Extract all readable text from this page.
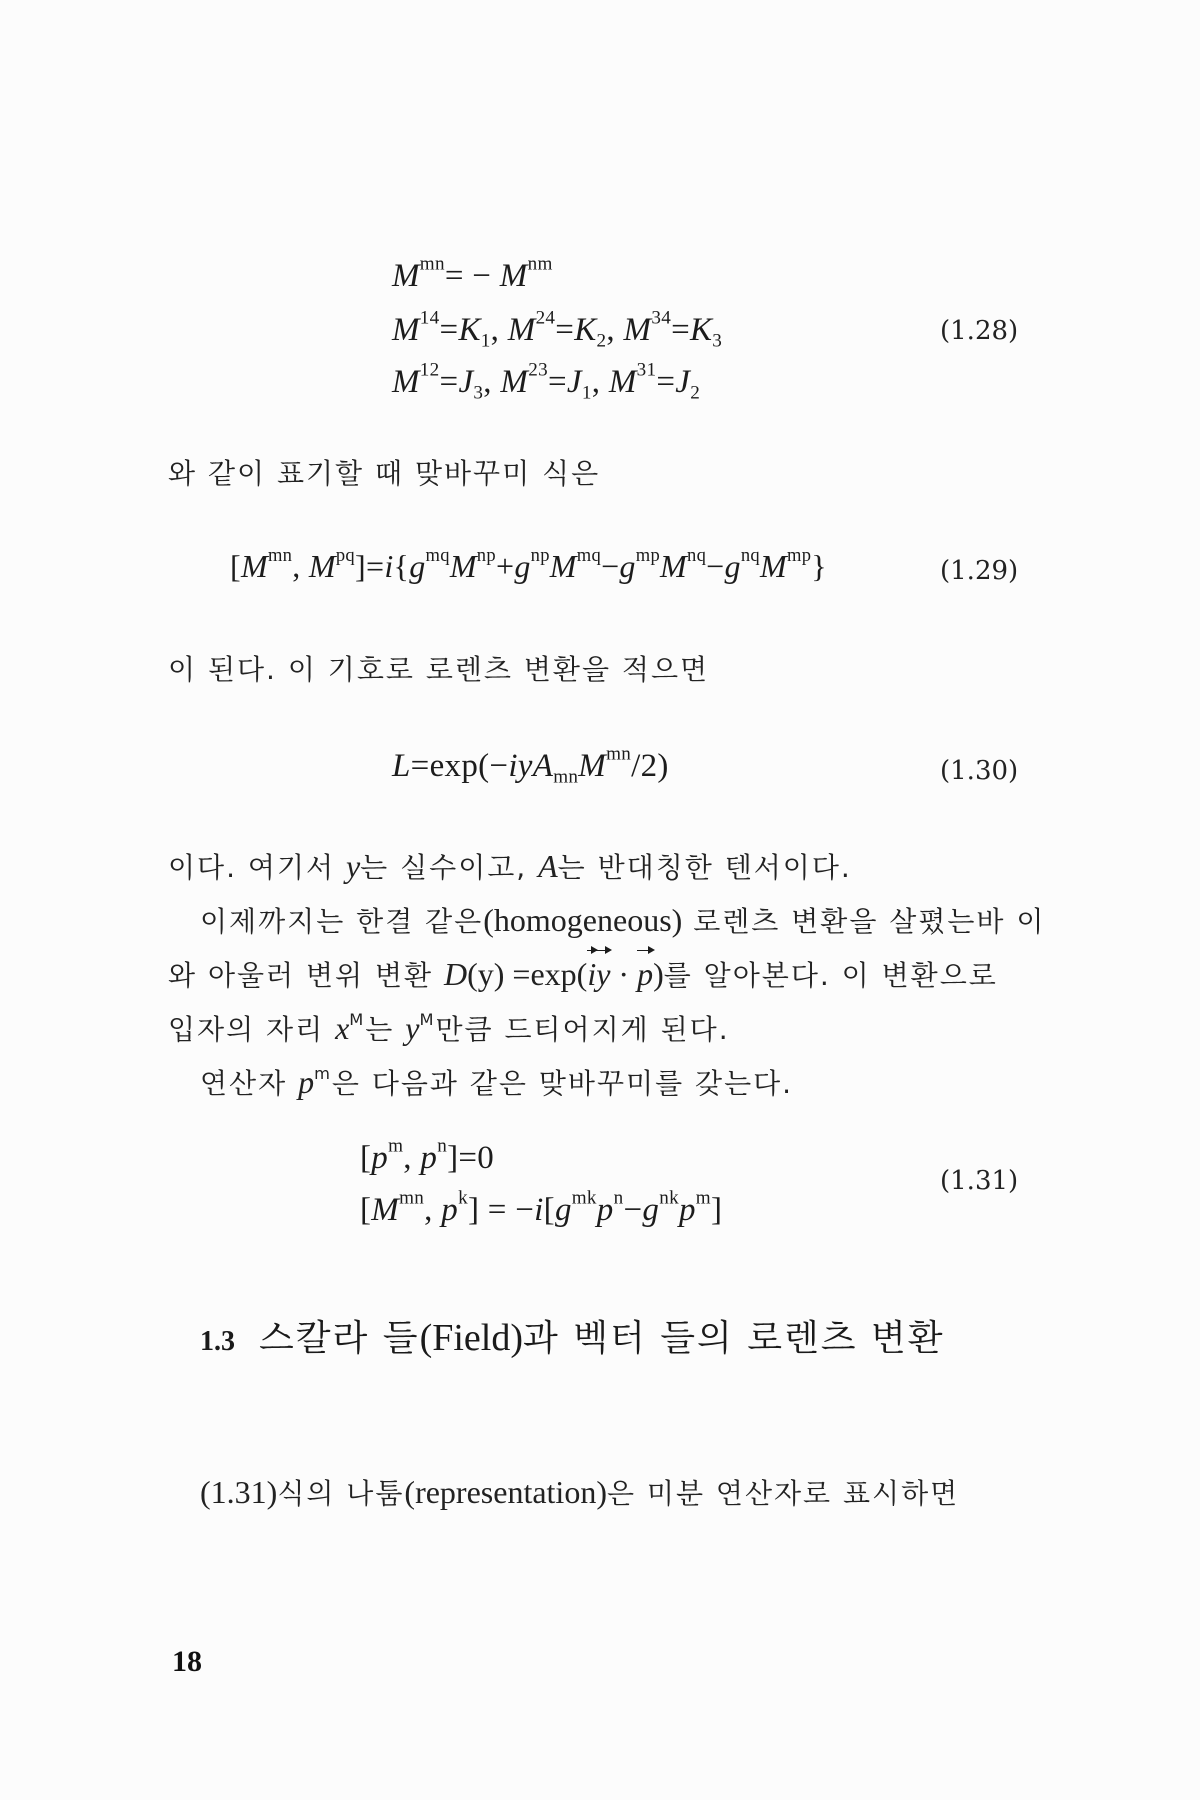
$M^{mn}= - M^{nm}$
$M^{14}=K_1$, $M^{24}=K_2$, $M^{34}=K_3$	(1.28)
$M^{12}=J_3$, $M^{23}=J_1$, $M^{31}=J_2$
와 같이 표기할 때 맞바꾸미 식은
[$M^{mn}$, $M^{pq}]=i\{g^{mq}M^{np}+g^{np}M^{mq}-g^{mp}M^{nq}-g^{nq}M^{mp}\}$	(1.29)
이 된다. 이 기호로 로렌츠 변환을 적으면
$L=\exp(-iyA_{mn}M^{mn}/2)$	(1.30)
이다. 여기서 y는 실수이고, A는 반대칭한 텐서이다.
이제까지는 한결 같은(homogeneous) 로렌츠 변환을 살폈는바 이
와 아울러 변위 변환 D(y) =exp(iy · p)를 알아본다. 이 변환으로
입자의 자리 $x^M$는 $y^M$만큼 드티어지게 된다.
연산자 $p^m$은 다음과 같은 맞바꾸미를 갖는다.
[$p^m$, $p^n]=0$
(1.31)
[$M^{mn}$, $p^k] = -i[g^{mk}p^n-g^{nk}p^m]$
1.3 스칼라 들(Field)과 벡터 들의 로렌츠 변환
(1.31)식의 나툼(representation)은 미분 연산자로 표시하면
18
